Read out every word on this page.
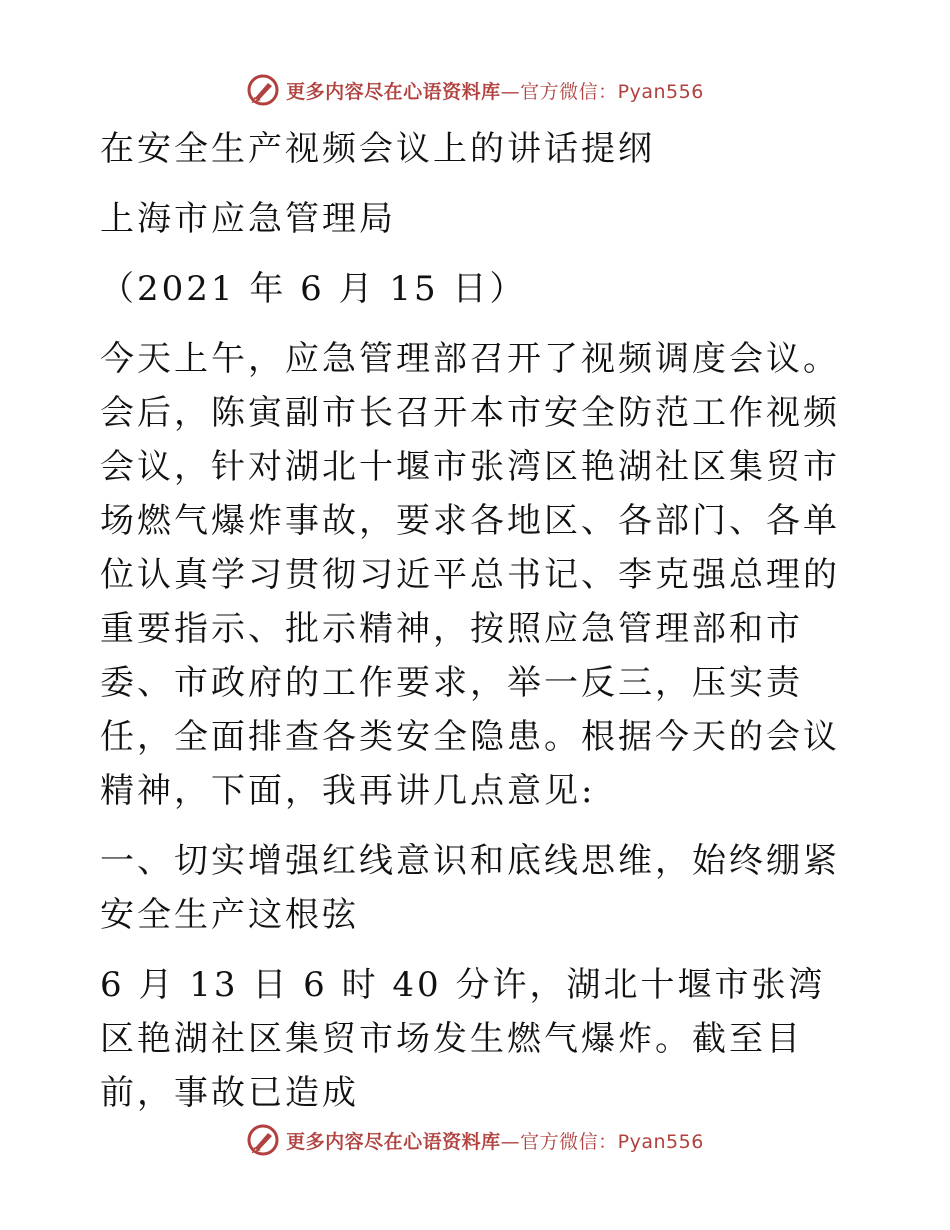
更多内容尽在心语资料库—官方微信：Pyan556

在安全生产视频会议上的讲话提纲

上海市应急管理局

（2021 年 6 月 15 日）

今天上午，应急管理部召开了视频调度会议。会后，陈寅副市长召开本市安全防范工作视频会议，针对湖北十堰市张湾区艳湖社区集贸市场燃气爆炸事故，要求各地区、各部门、各单位认真学习贯彻习近平总书记、李克强总理的重要指示、批示精神，按照应急管理部和市委、市政府的工作要求，举一反三，压实责任，全面排查各类安全隐患。根据今天的会议精神，下面，我再讲几点意见:

一、切实增强红线意识和底线思维，始终绷紧安全生产这根弦

6 月 13 日 6 时 40 分许，湖北十堰市张湾区艳湖社区集贸市场发生燃气爆炸。截至目前，事故已造成

更多内容尽在心语资料库—官方微信：Pyan556
